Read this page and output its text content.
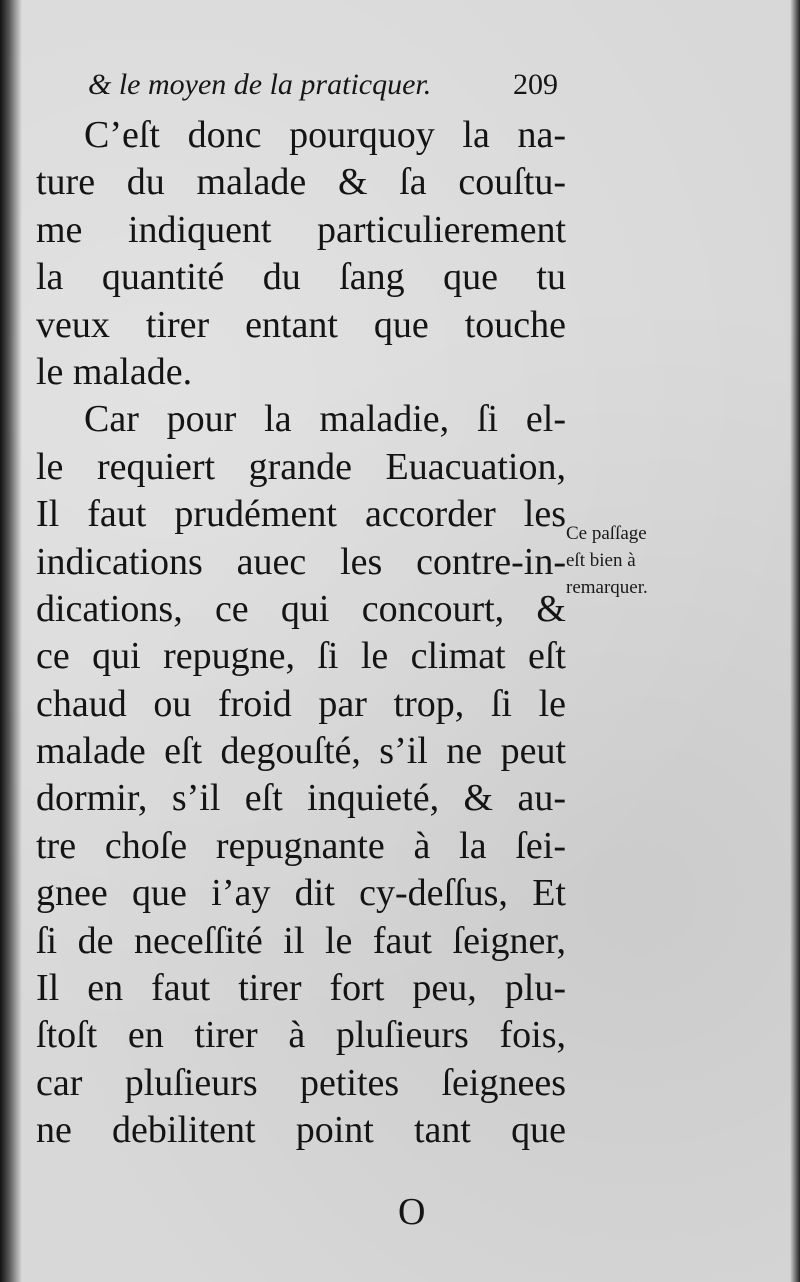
& le moyen de la praticquer.	209
C’eſt donc pourquoy la na-
ture du malade & ſa couſtu-
me indiquent particulierement
la quantité du ſang que tu
veux tirer entant que touche
le malade.
Car pour la maladie, ſi el-
le requiert grande Euacuation,
Il faut prudément accorder les
indications auec les contre-in-
dications, ce qui concourt, &
ce qui repugne, ſi le climat eſt
chaud ou froid par trop, ſi le
malade eſt degouſté, s’il ne peut
dormir, s’il eſt inquieté, & au-
tre choſe repugnante à la ſei-
gnee que i’ay dit cy-deſſus, Et
ſi de neceſſité il le faut ſeigner,
Il en faut tirer fort peu, plu-
ſtoſt en tirer à pluſieurs fois,
car pluſieurs petites ſeignees
ne debilitent point tant que
Ce paſſage
eſt bien à
remarquer.
O
